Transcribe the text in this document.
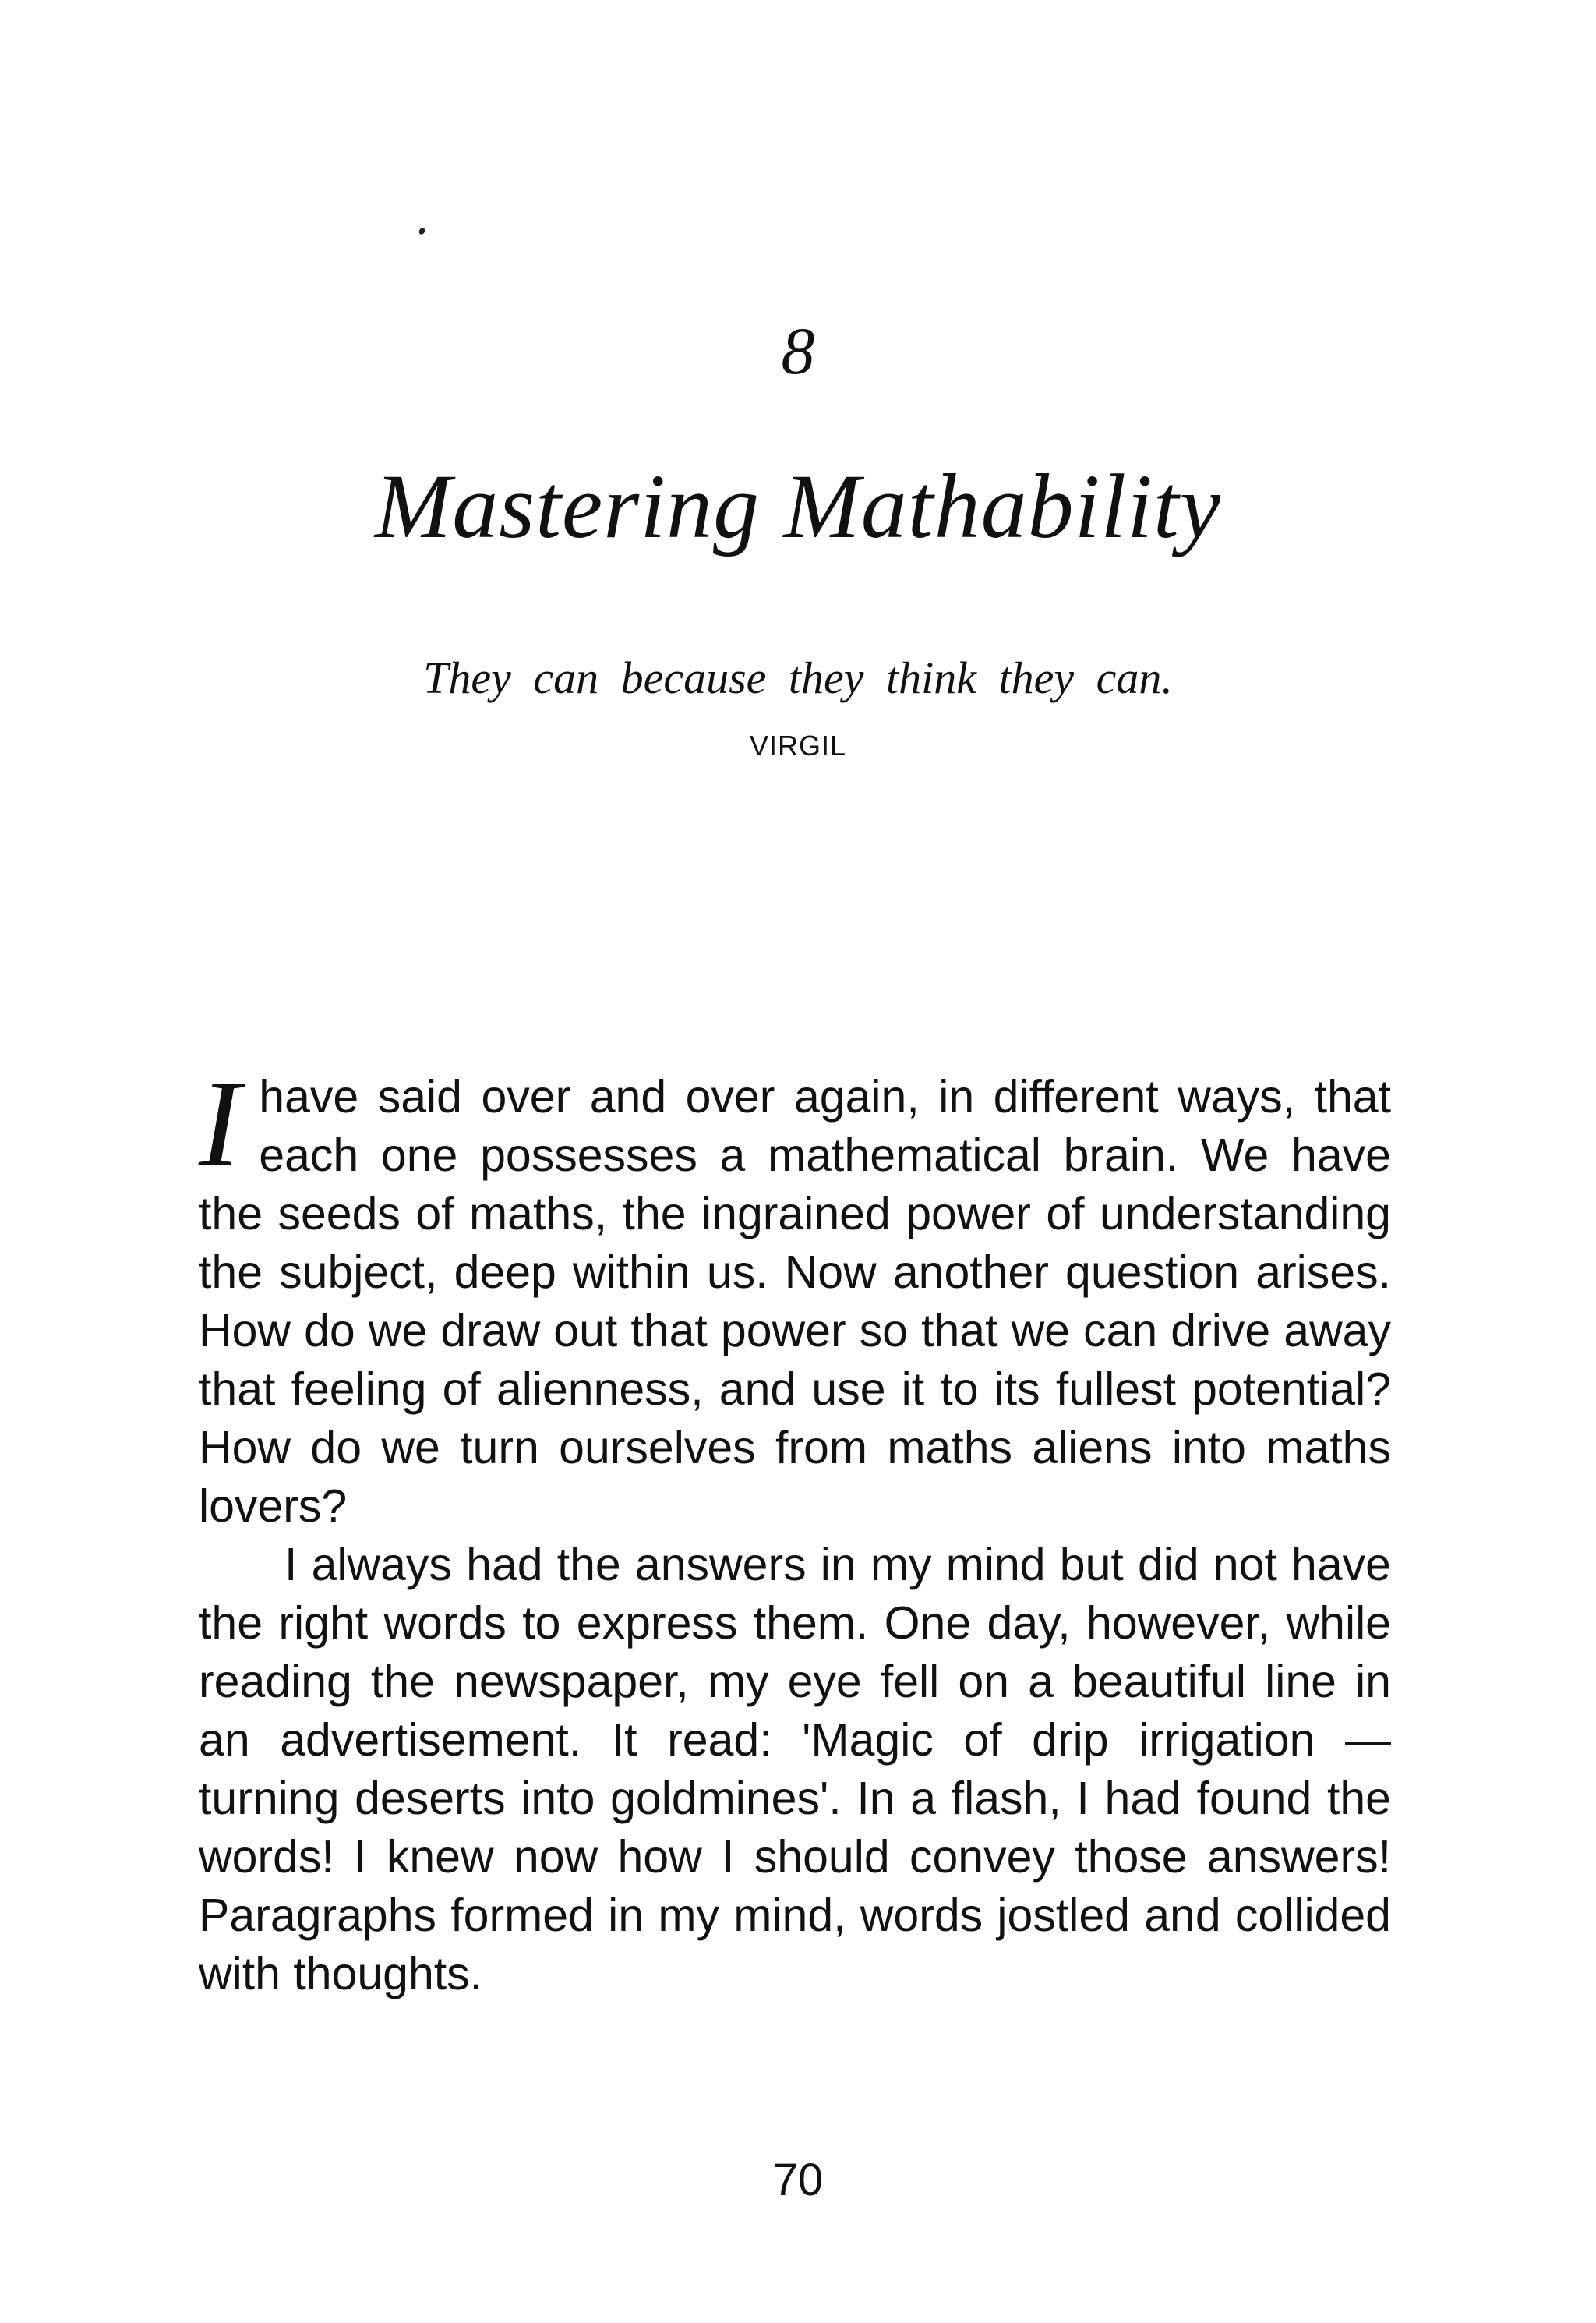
8
Mastering Mathability
They can because they think they can.
VIRGIL

Ihave said over and over again, in different ways, that each one possesses a mathematical brain. We have the seeds of maths, the ingrained power of understanding the subject, deep within us. Now another question arises. How do we draw out that power so that we can drive away that feeling of alienness, and use it to its fullest potential? How do we turn ourselves from maths aliens into maths lovers?

I always had the answers in my mind but did not have the right words to express them. One day, however, while reading the newspaper, my eye fell on a beautiful line in an advertisement. It read: 'Magic of drip irrigation — turning deserts into goldmines'. In a flash, I had found the words! I knew now how I should convey those answers! Paragraphs formed in my mind, words jostled and collided with thoughts.

70
